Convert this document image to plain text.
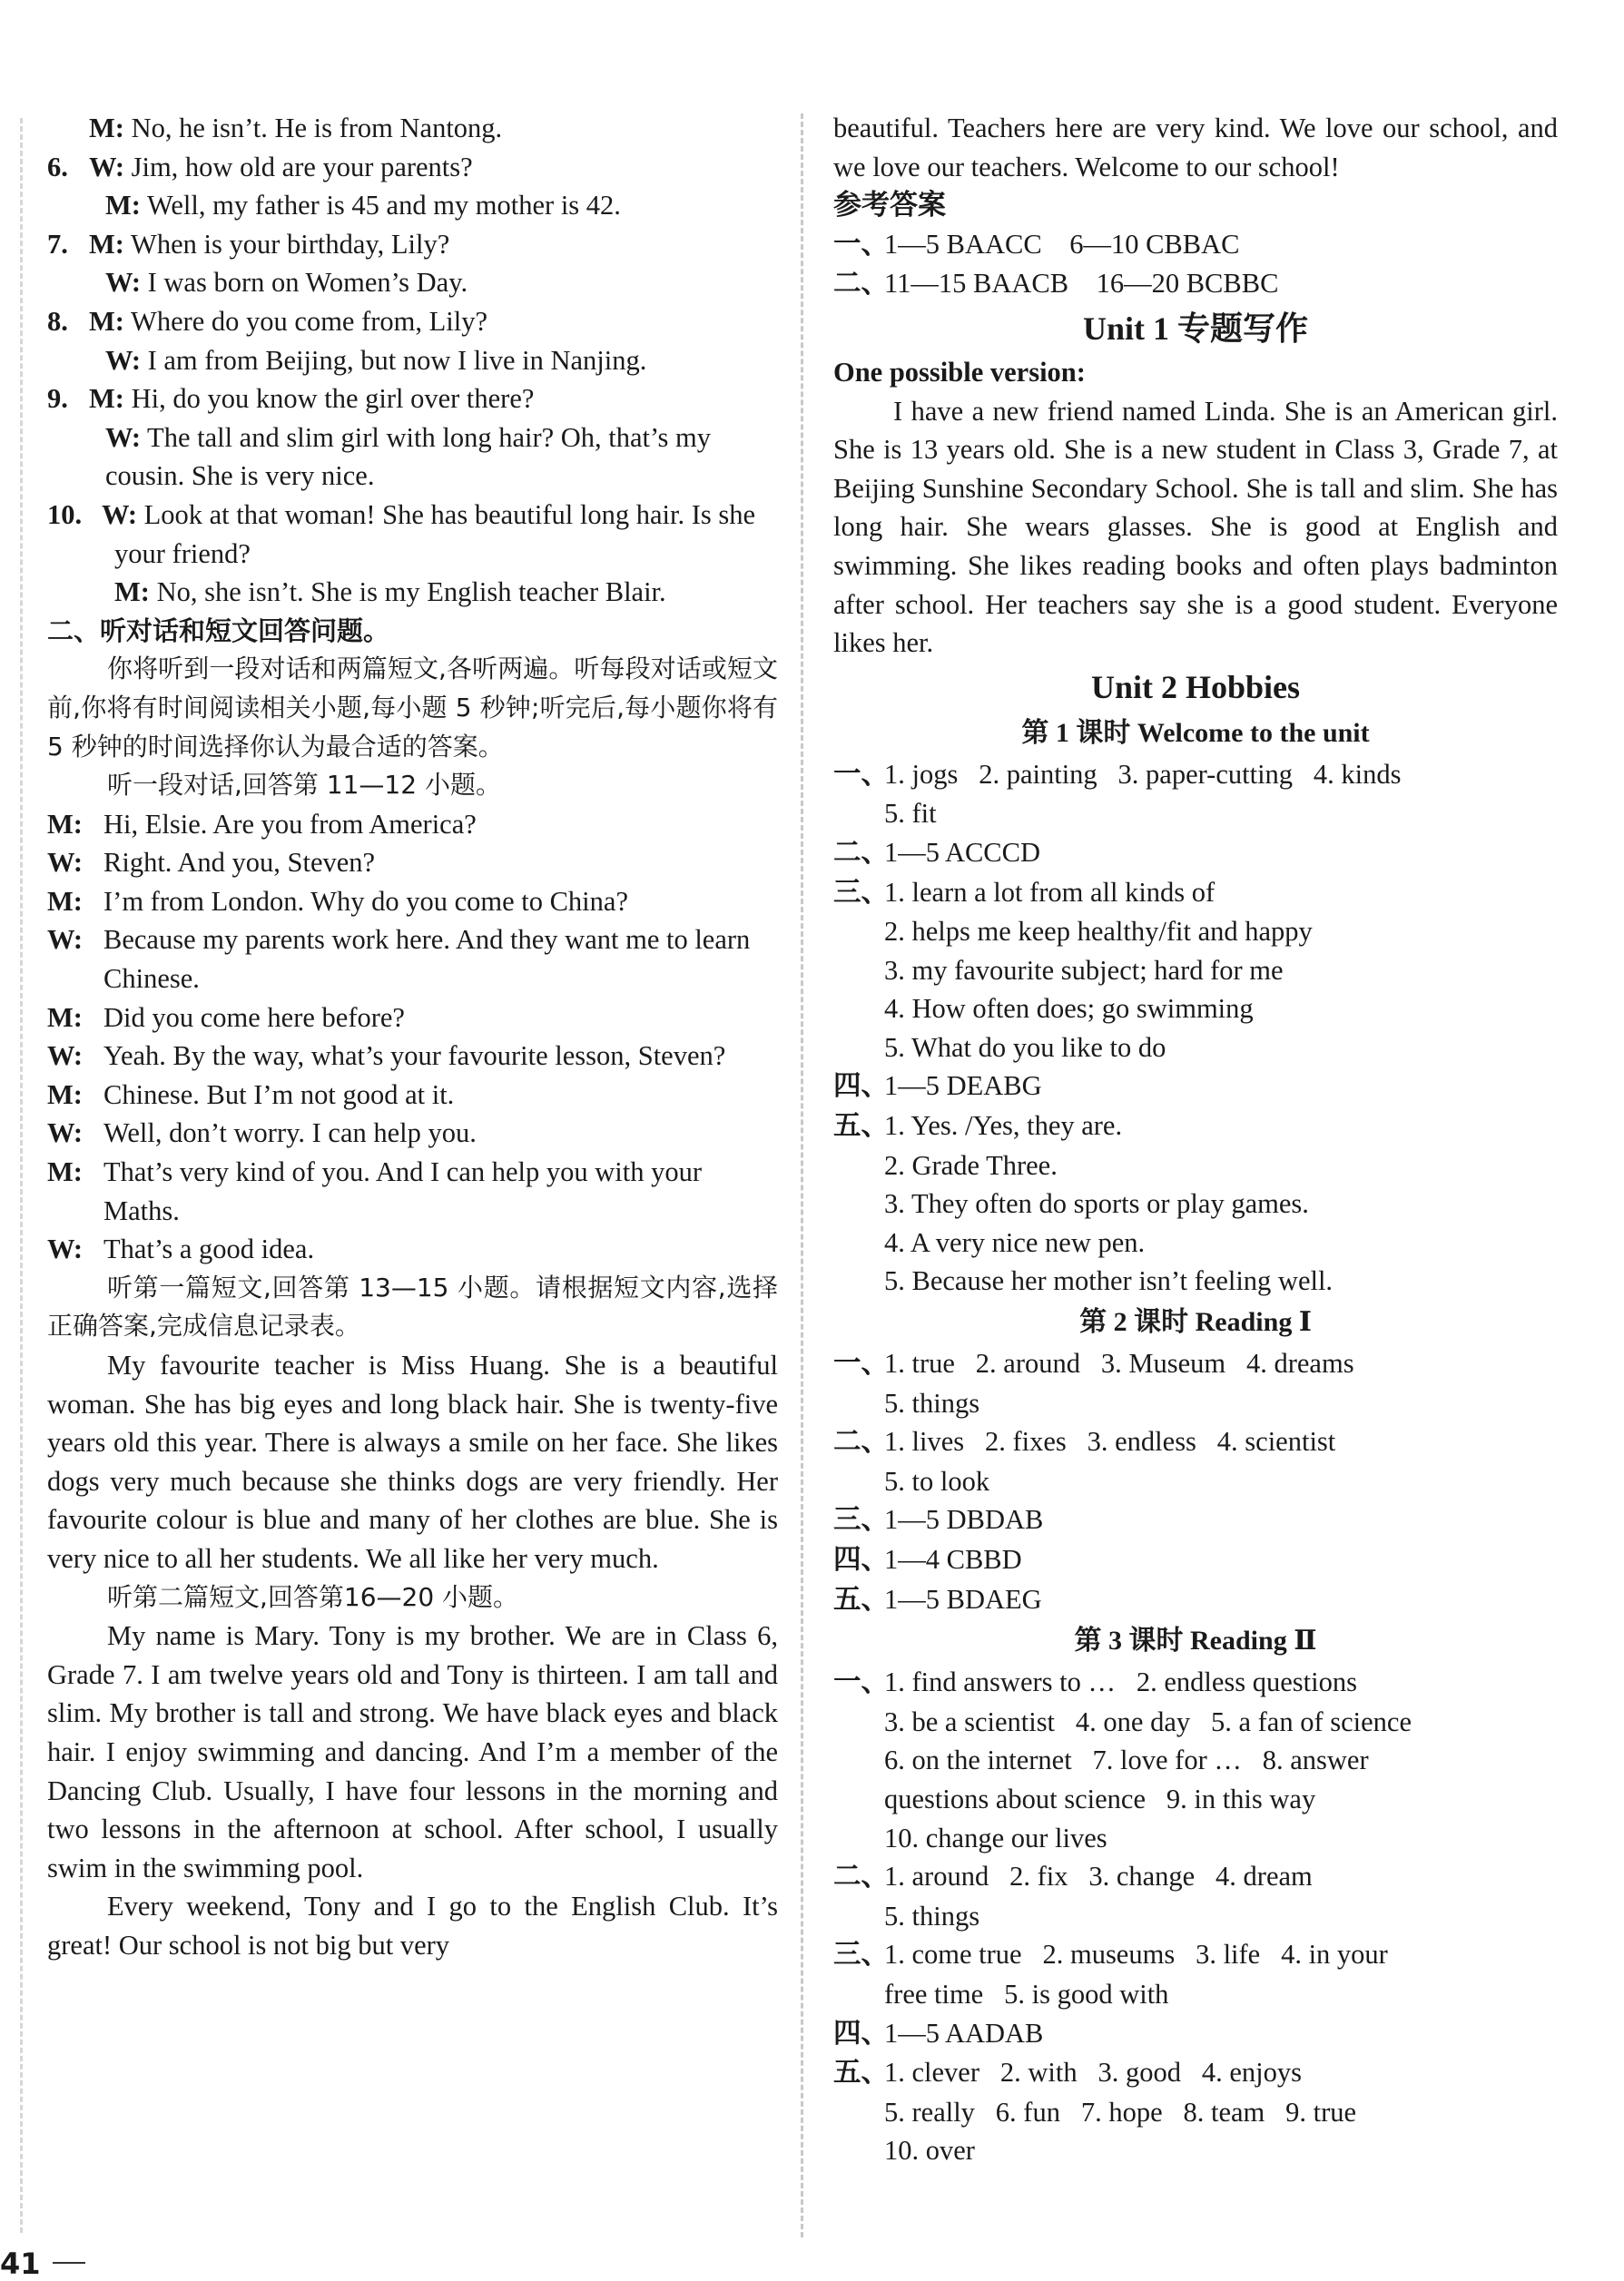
M: No, he isn’t. He is from Nantong.

6. W: Jim, how old are your parents?

M: Well, my father is 45 and my mother is 42.

7. M: When is your birthday, Lily?

W: I was born on Women’s Day.

8. M: Where do you come from, Lily?

W: I am from Beijing, but now I live in Nanjing.

9. M: Hi, do you know the girl over there?

W: The tall and slim girl with long hair? Oh, that’s my cousin. She is very nice.

10. W: Look at that woman! She has beautiful long hair. Is she your friend?

M: No, she isn’t. She is my English teacher Blair.

二、听对话和短文回答问题。

你将听到一段对话和两篇短文,各听两遍。听每段对话或短文前,你将有时间阅读相关小题,每小题 5 秒钟;听完后,每小题你将有 5 秒钟的时间选择你认为最合适的答案。

听一段对话,回答第 11—12 小题。

M: Hi, Elsie. Are you from America?

W: Right. And you, Steven?

M: I’m from London. Why do you come to China?

W: Because my parents work here. And they want me to learn Chinese.

M: Did you come here before?

W: Yeah. By the way, what’s your favourite lesson, Steven?

M: Chinese. But I’m not good at it.

W: Well, don’t worry. I can help you.

M: That’s very kind of you. And I can help you with your Maths.

W: That’s a good idea.

听第一篇短文,回答第 13—15 小题。请根据短文内容,选择正确答案,完成信息记录表。

My favourite teacher is Miss Huang. She is a beautiful woman. She has big eyes and long black hair. She is twenty-five years old this year. There is always a smile on her face. She likes dogs very much because she thinks dogs are very friendly. Her favourite colour is blue and many of her clothes are blue. She is very nice to all her students. We all like her very much.

听第二篇短文,回答第16—20 小题。

My name is Mary. Tony is my brother. We are in Class 6, Grade 7. I am twelve years old and Tony is thirteen. I am tall and slim. My brother is tall and strong. We have black eyes and black hair. I enjoy swimming and dancing. And I’m a member of the Dancing Club. Usually, I have four lessons in the morning and two lessons in the afternoon at school. After school, I usually swim in the swimming pool.

Every weekend, Tony and I go to the English Club. It’s great! Our school is not big but very

beautiful. Teachers here are very kind. We love our school, and we love our teachers. Welcome to our school!

参考答案

一、1—5 BAACC    6—10 CBBAC

二、11—15 BAACB    16—20 BCBBC

Unit 1 专题写作

One possible version:

I have a new friend named Linda. She is an American girl. She is 13 years old. She is a new student in Class 3, Grade 7, at Beijing Sunshine Secondary School. She is tall and slim. She has long hair. She wears glasses. She is good at English and swimming. She likes reading books and often plays badminton after school. Her teachers say she is a good student. Everyone likes her.

Unit 2 Hobbies

第 1 课时 Welcome to the unit

一、1. jogs   2. painting   3. paper-cutting   4. kinds

5. fit

二、1—5 ACCCD

三、1. learn a lot from all kinds of

2. helps me keep healthy/fit and happy

3. my favourite subject; hard for me

4. How often does; go swimming

5. What do you like to do

四、1—5 DEABG

五、1. Yes. /Yes, they are.

2. Grade Three.

3. They often do sports or play games.

4. A very nice new pen.

5. Because her mother isn’t feeling well.

第 2 课时 Reading Ⅰ

一、1. true   2. around   3. Museum   4. dreams

5. things

二、1. lives   2. fixes   3. endless   4. scientist

5. to look

三、1—5 DBDAB

四、1—4 CBBD

五、1—5 BDAEG

第 3 课时 Reading Ⅱ

一、1. find answers to …   2. endless questions

3. be a scientist   4. one day   5. a fan of science

6. on the internet   7. love for …   8. answer

questions about science   9. in this way

10. change our lives

二、1. around   2. fix   3. change   4. dream

5. things

三、1. come true   2. museums   3. life   4. in your

free time   5. is good with

四、1—5 AADAB

五、1. clever   2. with   3. good   4. enjoys

5. really   6. fun   7. hope   8. team   9. true

10. over

41
